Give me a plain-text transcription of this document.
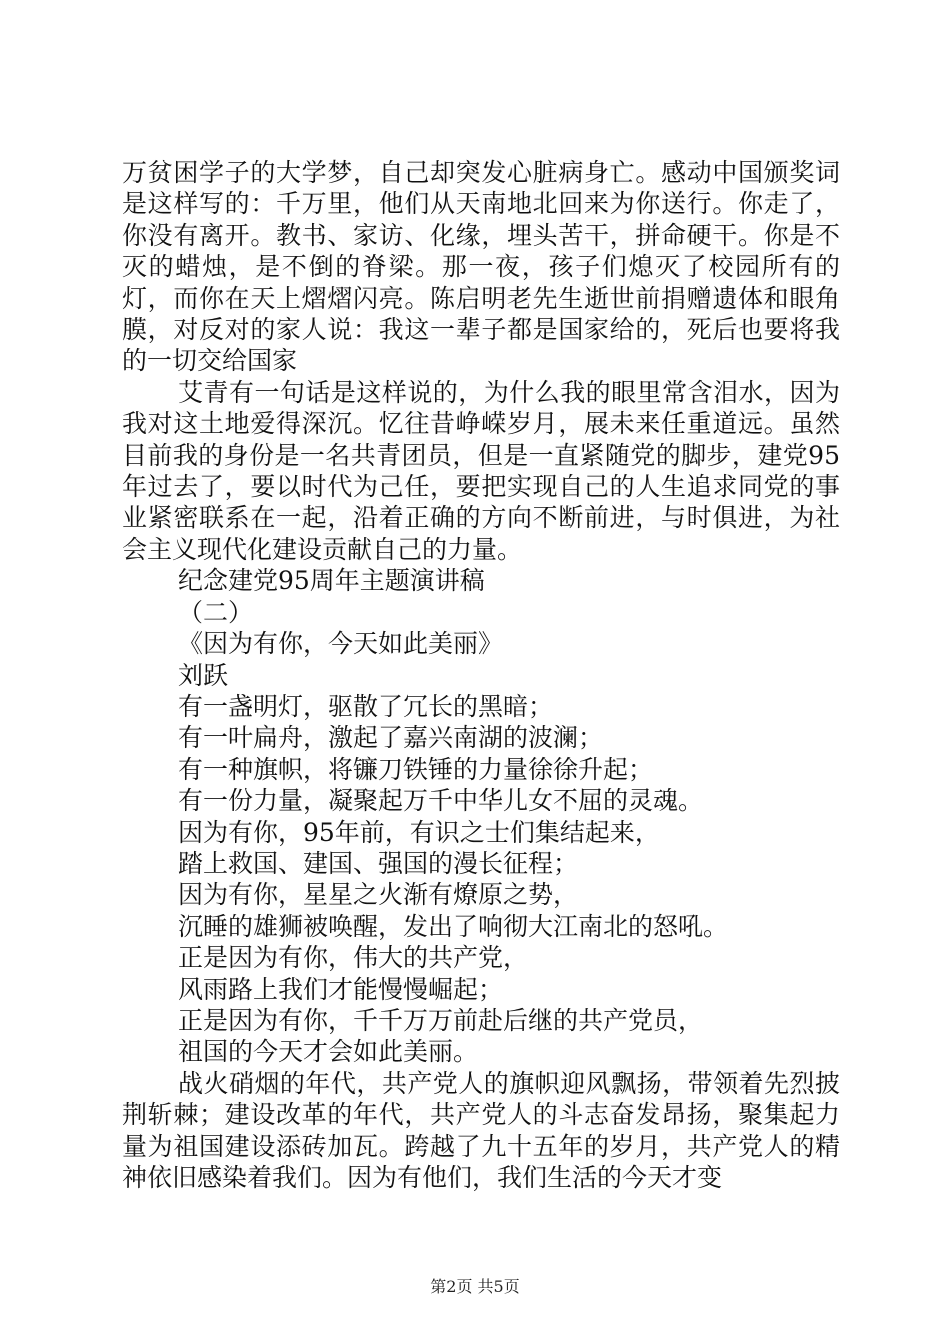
万贫困学子的大学梦，自己却突发心脏病身亡。感动中国颁奖词是这样写的：千万里，他们从天南地北回来为你送行。你走了，你没有离开。教书、家访、化缘，埋头苦干，拼命硬干。你是不灭的蜡烛，是不倒的脊梁。那一夜，孩子们熄灭了校园所有的灯，而你在天上熠熠闪亮。陈启明老先生逝世前捐赠遗体和眼角膜，对反对的家人说：我这一辈子都是国家给的，死后也要将我的一切交给国家

艾青有一句话是这样说的，为什么我的眼里常含泪水，因为我对这土地爱得深沉。忆往昔峥嵘岁月，展未来任重道远。虽然目前我的身份是一名共青团员，但是一直紧随党的脚步，建党95年过去了，要以时代为己任，要把实现自己的人生追求同党的事业紧密联系在一起，沿着正确的方向不断前进，与时俱进，为社会主义现代化建设贡献自己的力量。

纪念建党95周年主题演讲稿

（二）

《因为有你，今天如此美丽》

刘跃

有一盏明灯，驱散了冗长的黑暗；

有一叶扁舟，激起了嘉兴南湖的波澜；

有一种旗帜，将镰刀铁锤的力量徐徐升起；

有一份力量，凝聚起万千中华儿女不屈的灵魂。

因为有你，95年前，有识之士们集结起来，

踏上救国、建国、强国的漫长征程；

因为有你，星星之火渐有燎原之势，

沉睡的雄狮被唤醒，发出了响彻大江南北的怒吼。

正是因为有你，伟大的共产党，

风雨路上我们才能慢慢崛起；

正是因为有你，千千万万前赴后继的共产党员，

祖国的今天才会如此美丽。

战火硝烟的年代，共产党人的旗帜迎风飘扬，带领着先烈披荆斩棘；建设改革的年代，共产党人的斗志奋发昂扬，聚集起力量为祖国建设添砖加瓦。跨越了九十五年的岁月，共产党人的精神依旧感染着我们。因为有他们，我们生活的今天才变

第2页 共5页
